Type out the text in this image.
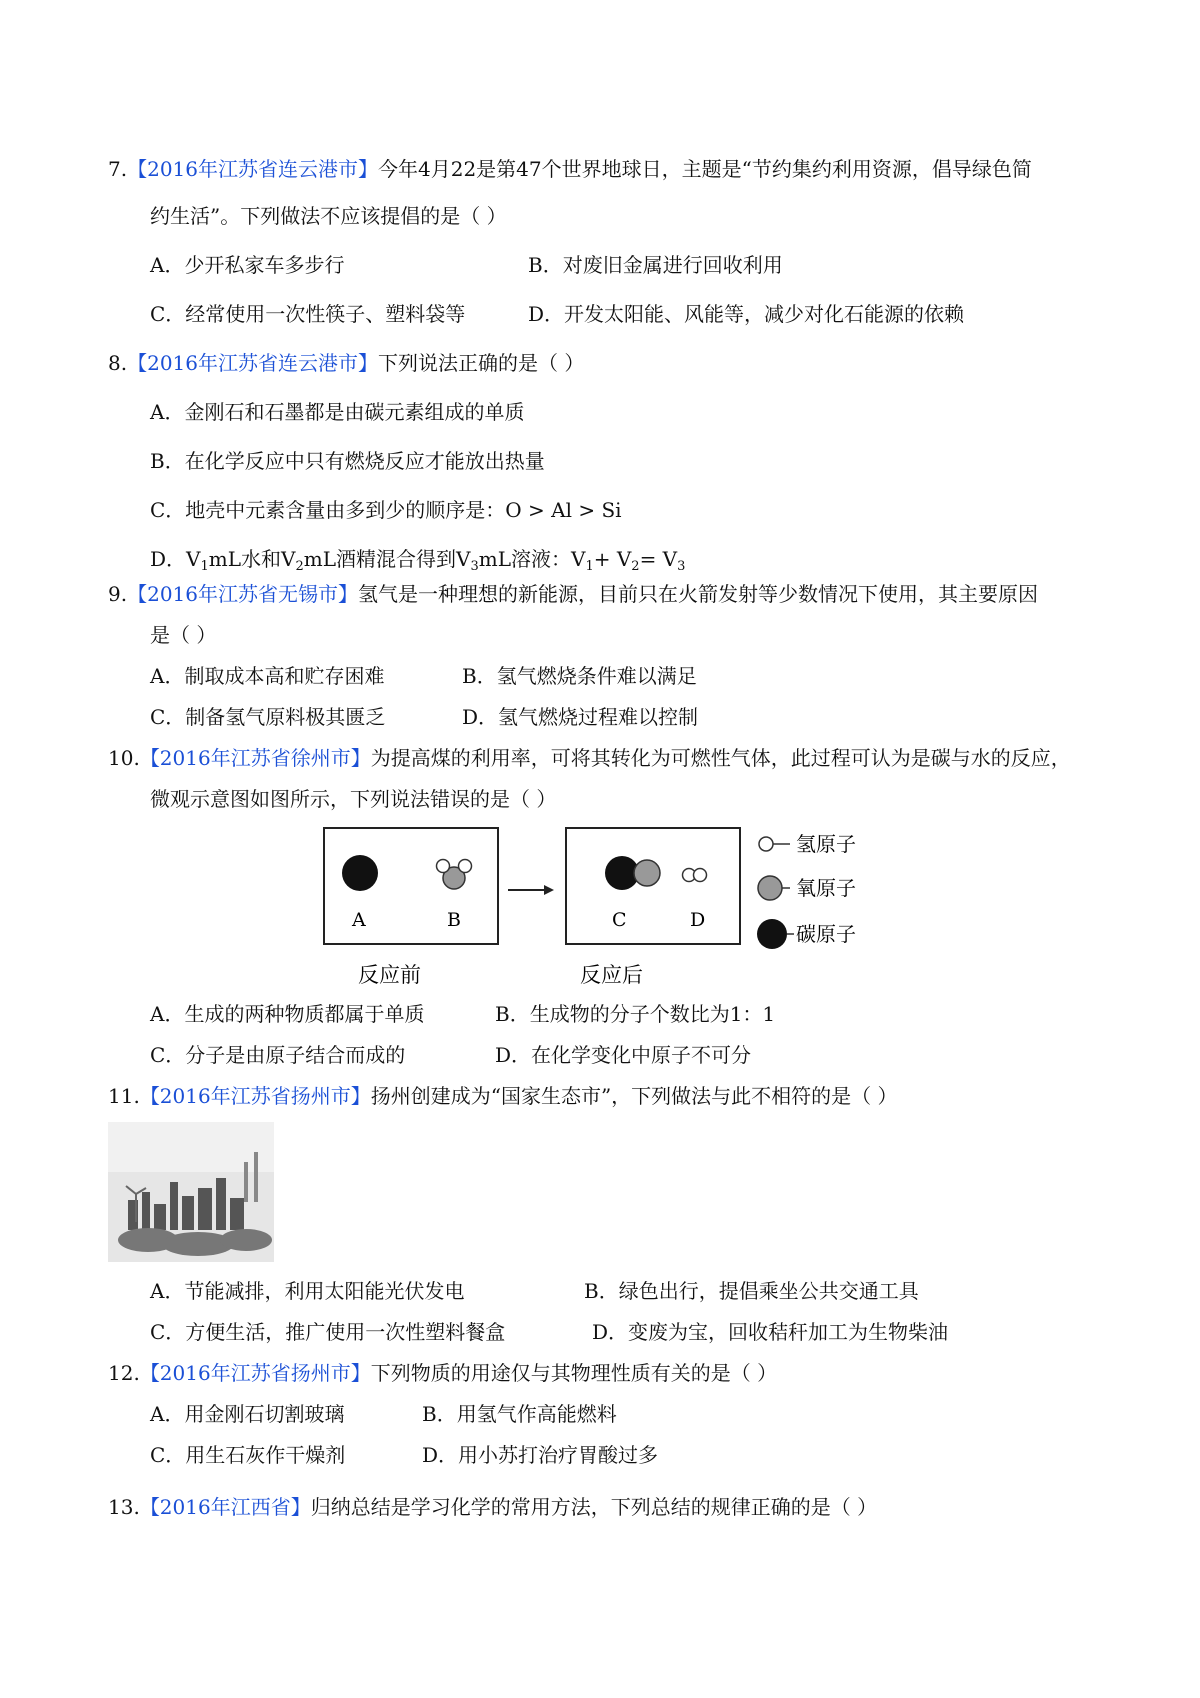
7.【2016年江苏省连云港市】今年4月22是第47个世界地球日，主题是“节约集约利用资源，倡导绿色简
约生活”。下列做法不应该提倡的是（ ）
A．少开私家车多步行	B．对废旧金属进行回收利用
C．经常使用一次性筷子、塑料袋等	D．开发太阳能、风能等，减少对化石能源的依赖
8.【2016年江苏省连云港市】下列说法正确的是（ ）
A．金刚石和石墨都是由碳元素组成的单质
B．在化学反应中只有燃烧反应才能放出热量
C．地壳中元素含量由多到少的顺序是：O > Al > Si
D．$V_1mL$水和$V_2mL$酒精混合得到$V_3mL$溶液：$V_1+ V_2= V_3$
9.【2016年江苏省无锡市】氢气是一种理想的新能源，目前只在火箭发射等少数情况下使用，其主要原因
是（ ）
A．制取成本高和贮存困难	B．氢气燃烧条件难以满足
C．制备氢气原料极其匮乏	D．氢气燃烧过程难以控制
10.【2016年江苏省徐州市】为提高煤的利用率，可将其转化为可燃性气体，此过程可认为是碳与水的反应，
微观示意图如图所示，下列说法错误的是（ ）
A	B	C	D
氢原子
氧原子
碳原子
反应前	反应后
A．生成的两种物质都属于单质	B．生成物的分子个数比为1：1
C．分子是由原子结合而成的	D．在化学变化中原子不可分
11.【2016年江苏省扬州市】扬州创建成为“国家生态市”，下列做法与此不相符的是（ ）
A．节能减排，利用太阳能光伏发电	B．绿色出行，提倡乘坐公共交通工具
C．方便生活，推广使用一次性塑料餐盒	D．变废为宝，回收秸秆加工为生物柴油
12.【2016年江苏省扬州市】下列物质的用途仅与其物理性质有关的是（ ）
A．用金刚石切割玻璃	B．用氢气作高能燃料
C．用生石灰作干燥剂	D．用小苏打治疗胃酸过多
13.【2016年江西省】归纳总结是学习化学的常用方法，下列总结的规律正确的是（ ）
